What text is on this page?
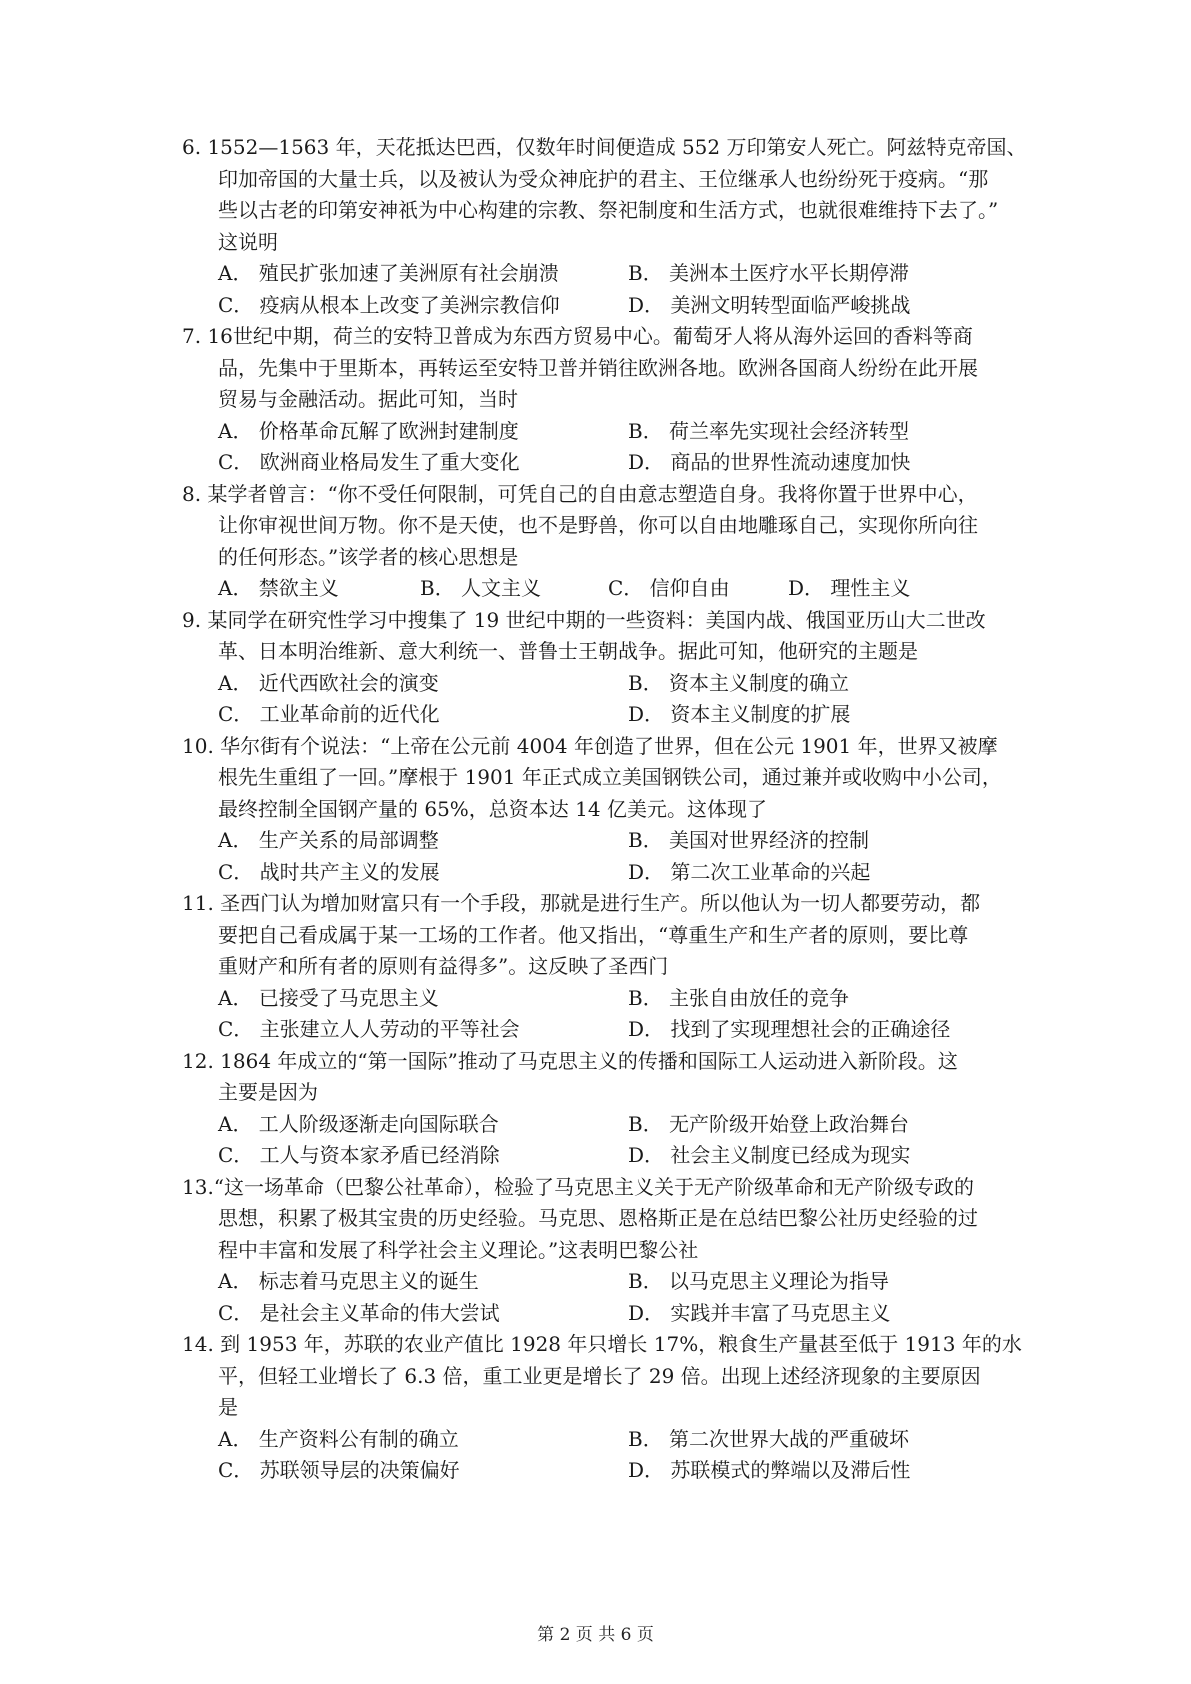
6. 1552—1563 年，天花抵达巴西，仅数年时间便造成 552 万印第安人死亡。阿兹特克帝国、
印加帝国的大量士兵，以及被认为受众神庇护的君主、王位继承人也纷纷死于疫病。“那
些以古老的印第安神祇为中心构建的宗教、祭祀制度和生活方式，也就很难维持下去了。”
这说明
A． 殖民扩张加速了美洲原有社会崩溃	B． 美洲本土医疗水平长期停滞
C． 疫病从根本上改变了美洲宗教信仰	D． 美洲文明转型面临严峻挑战
7. 16世纪中期，荷兰的安特卫普成为东西方贸易中心。葡萄牙人将从海外运回的香料等商
品，先集中于里斯本，再转运至安特卫普并销往欧洲各地。欧洲各国商人纷纷在此开展
贸易与金融活动。据此可知，当时
A． 价格革命瓦解了欧洲封建制度	B． 荷兰率先实现社会经济转型
C． 欧洲商业格局发生了重大变化	D． 商品的世界性流动速度加快
8. 某学者曾言：“你不受任何限制，可凭自己的自由意志塑造自身。我将你置于世界中心，
让你审视世间万物。你不是天使，也不是野兽，你可以自由地雕琢自己，实现你所向往
的任何形态。”该学者的核心思想是
A． 禁欲主义	B． 人文主义	C． 信仰自由	D． 理性主义
9. 某同学在研究性学习中搜集了 19 世纪中期的一些资料：美国内战、俄国亚历山大二世改
革、日本明治维新、意大利统一、普鲁士王朝战争。据此可知，他研究的主题是
A． 近代西欧社会的演变	B． 资本主义制度的确立
C． 工业革命前的近代化	D． 资本主义制度的扩展
10. 华尔街有个说法：“上帝在公元前 4004 年创造了世界，但在公元 1901 年，世界又被摩
根先生重组了一回。”摩根于 1901 年正式成立美国钢铁公司，通过兼并或收购中小公司，
最终控制全国钢产量的 65%，总资本达 14 亿美元。这体现了
A． 生产关系的局部调整	B． 美国对世界经济的控制
C． 战时共产主义的发展	D． 第二次工业革命的兴起
11. 圣西门认为增加财富只有一个手段，那就是进行生产。所以他认为一切人都要劳动，都
要把自己看成属于某一工场的工作者。他又指出，“尊重生产和生产者的原则，要比尊
重财产和所有者的原则有益得多”。这反映了圣西门
A． 已接受了马克思主义	B． 主张自由放任的竞争
C． 主张建立人人劳动的平等社会	D． 找到了实现理想社会的正确途径
12. 1864 年成立的“第一国际”推动了马克思主义的传播和国际工人运动进入新阶段。这
主要是因为
A． 工人阶级逐渐走向国际联合	B． 无产阶级开始登上政治舞台
C． 工人与资本家矛盾已经消除	D． 社会主义制度已经成为现实
13.“这一场革命（巴黎公社革命），检验了马克思主义关于无产阶级革命和无产阶级专政的
思想，积累了极其宝贵的历史经验。马克思、恩格斯正是在总结巴黎公社历史经验的过
程中丰富和发展了科学社会主义理论。”这表明巴黎公社
A． 标志着马克思主义的诞生	B． 以马克思主义理论为指导
C． 是社会主义革命的伟大尝试	D． 实践并丰富了马克思主义
14. 到 1953 年，苏联的农业产值比 1928 年只增长 17%，粮食生产量甚至低于 1913 年的水
平，但轻工业增长了 6.3 倍，重工业更是增长了 29 倍。出现上述经济现象的主要原因
是
A． 生产资料公有制的确立	B． 第二次世界大战的严重破坏
C． 苏联领导层的决策偏好	D． 苏联模式的弊端以及滞后性
第 2 页 共 6 页
